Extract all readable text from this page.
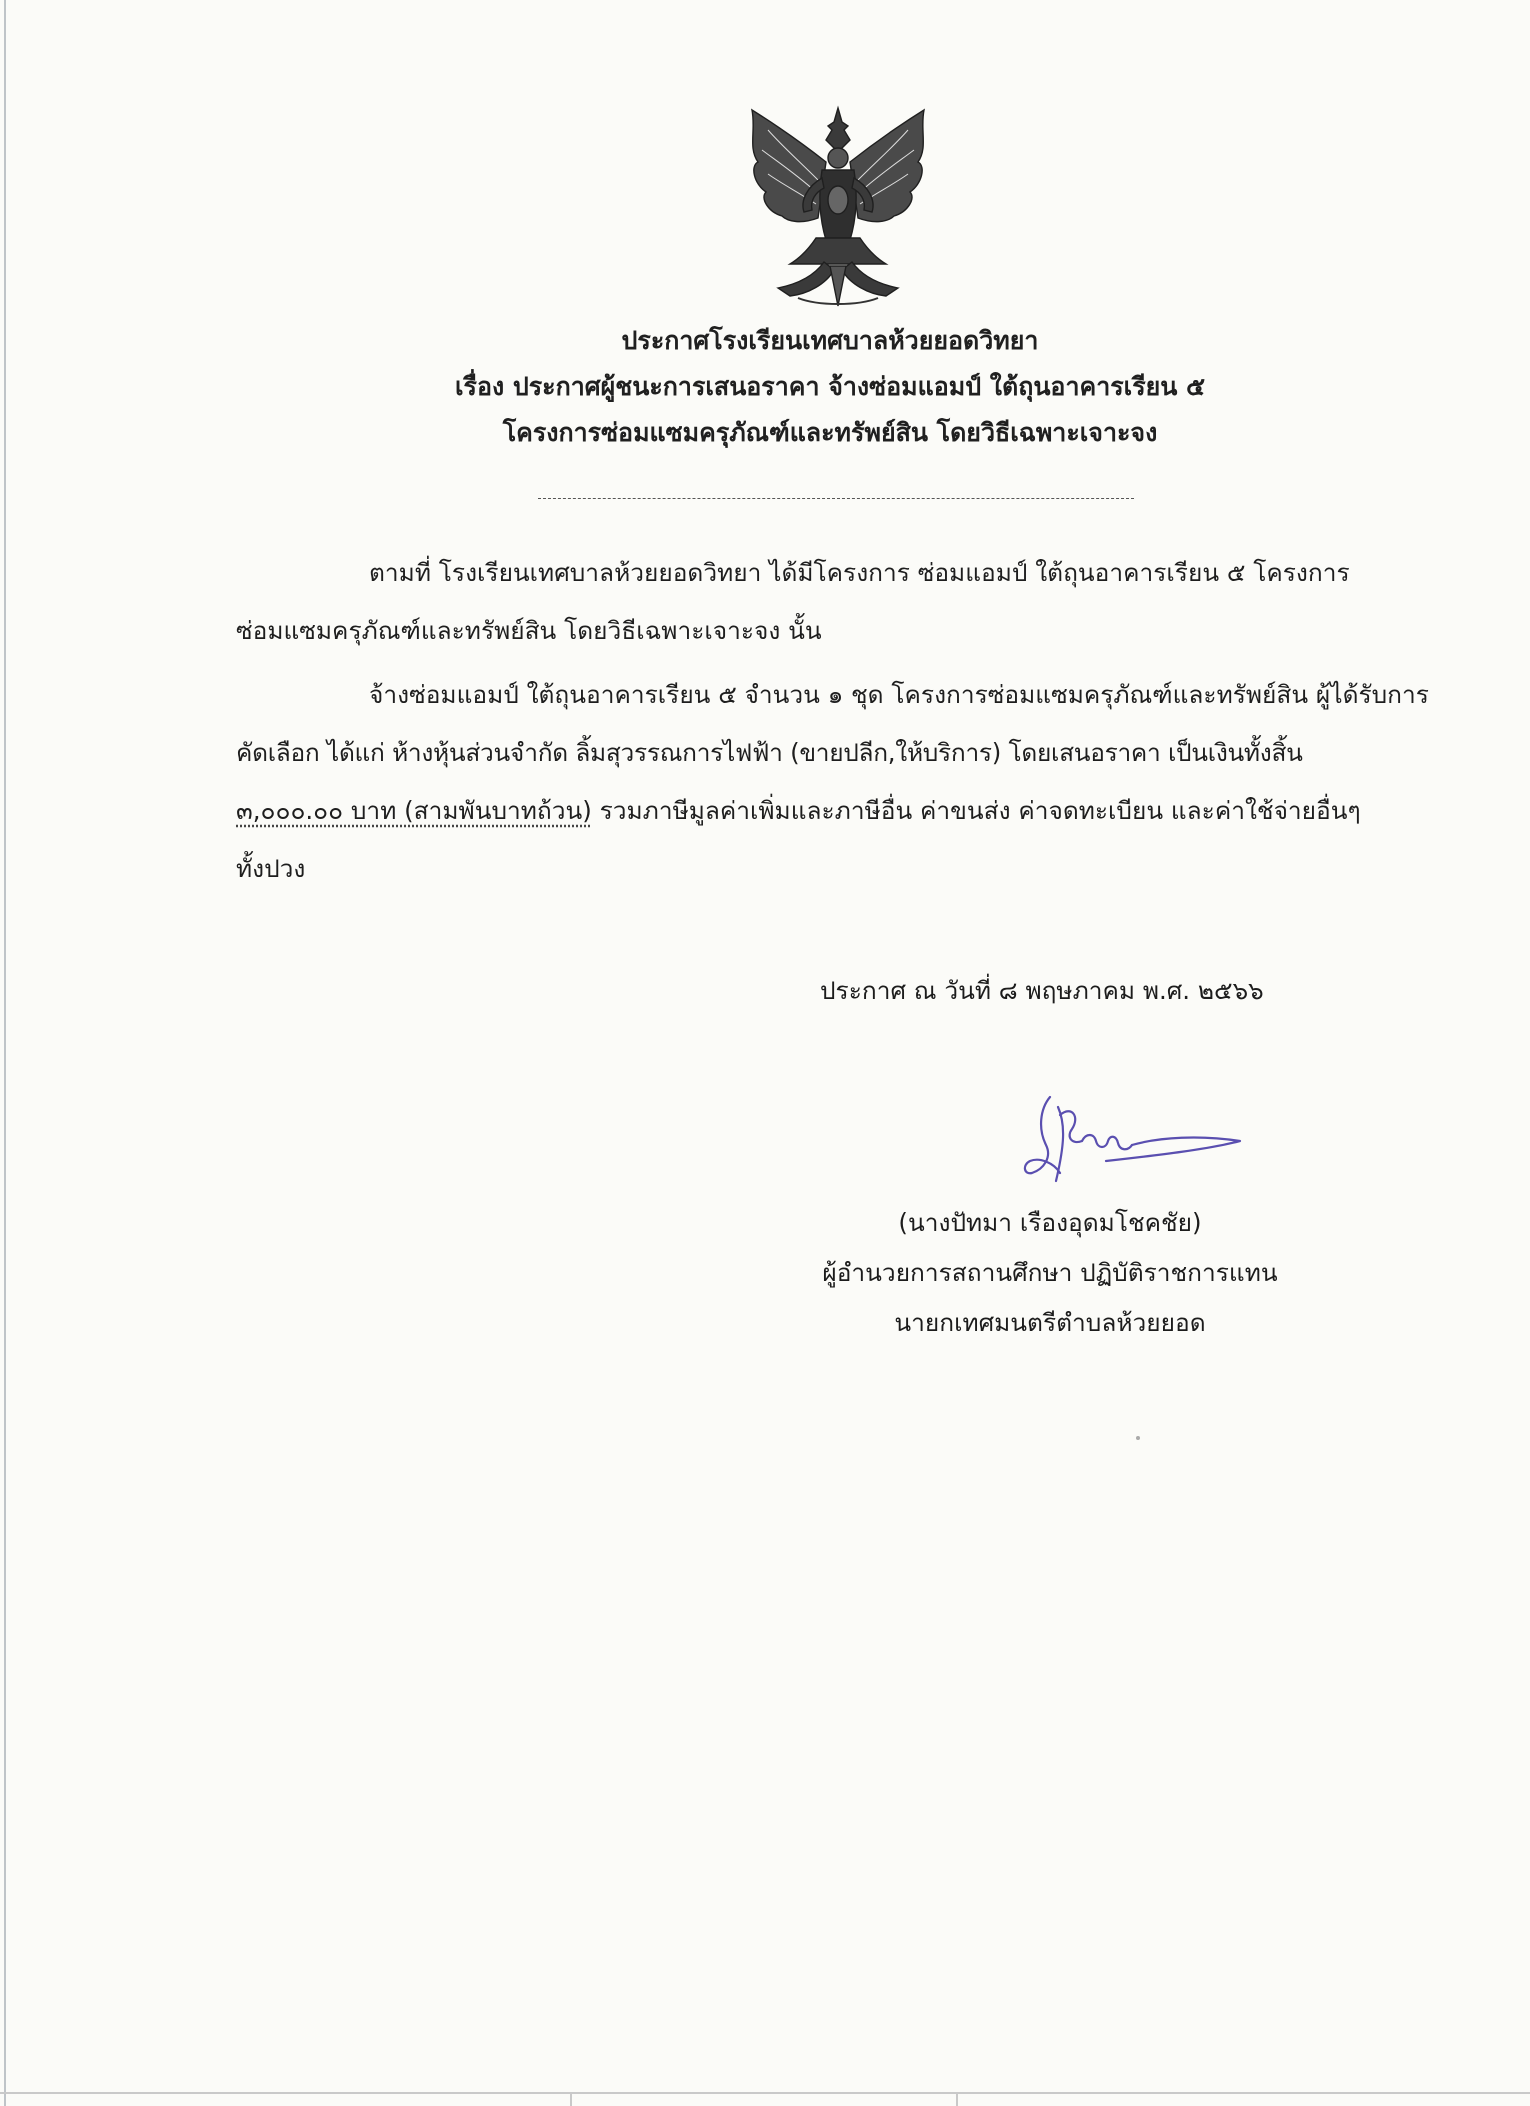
ประกาศโรงเรียนเทศบาลห้วยยอดวิทยา
เรื่อง ประกาศผู้ชนะการเสนอราคา จ้างซ่อมแอมป์ ใต้ถุนอาคารเรียน ๕
โครงการซ่อมแซมครุภัณฑ์และทรัพย์สิน โดยวิธีเฉพาะเจาะจง
ตามที่ โรงเรียนเทศบาลห้วยยอดวิทยา ได้มีโครงการ ซ่อมแอมป์ ใต้ถุนอาคารเรียน ๕ โครงการ
ซ่อมแซมครุภัณฑ์และทรัพย์สิน โดยวิธีเฉพาะเจาะจง นั้น
จ้างซ่อมแอมป์ ใต้ถุนอาคารเรียน ๕ จำนวน ๑ ชุด โครงการซ่อมแซมครุภัณฑ์และทรัพย์สิน ผู้ได้รับการ
คัดเลือก ได้แก่ ห้างหุ้นส่วนจำกัด ลิ้มสุวรรณการไฟฟ้า (ขายปลีก,ให้บริการ) โดยเสนอราคา เป็นเงินทั้งสิ้น
๓,๐๐๐.๐๐ บาท (สามพันบาทถ้วน) รวมภาษีมูลค่าเพิ่มและภาษีอื่น ค่าขนส่ง ค่าจดทะเบียน และค่าใช้จ่ายอื่นๆ
ทั้งปวง
ประกาศ ณ วันที่ ๘ พฤษภาคม พ.ศ. ๒๕๖๖
(นางปัทมา เรืองอุดมโชคชัย)
ผู้อำนวยการสถานศึกษา ปฏิบัติราชการแทน
นายกเทศมนตรีตำบลห้วยยอด
